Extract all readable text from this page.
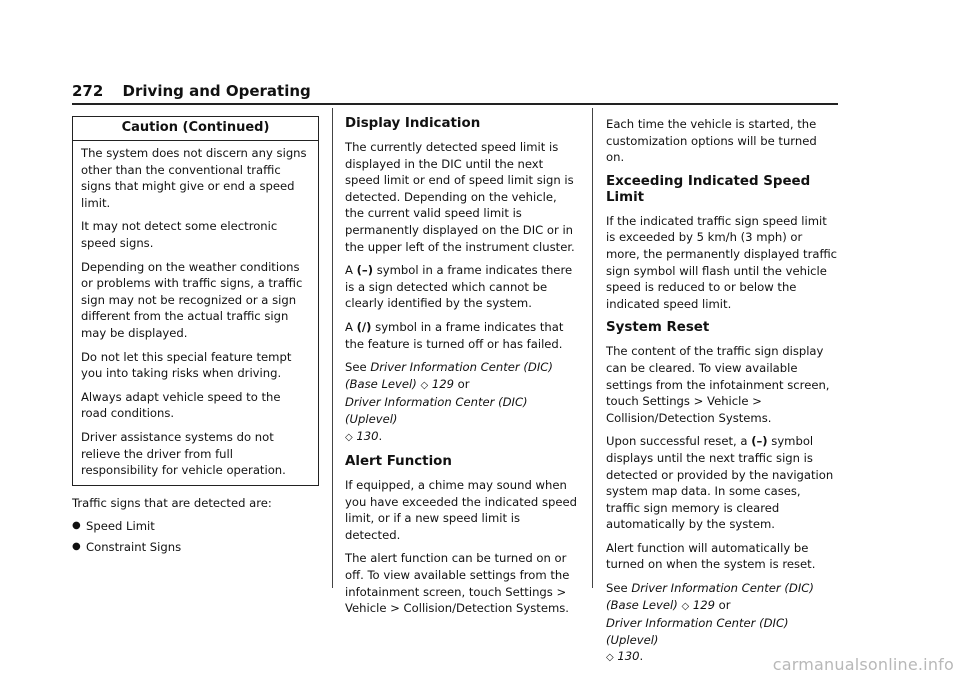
272 Driving and Operating
Caution (Continued)

The system does not discern any signs other than the conventional traffic signs that might give or end a speed limit.

It may not detect some electronic speed signs.

Depending on the weather conditions or problems with traffic signs, a traffic sign may not be recognized or a sign different from the actual traffic sign may be displayed.

Do not let this special feature tempt you into taking risks when driving.

Always adapt vehicle speed to the road conditions.

Driver assistance systems do not relieve the driver from full responsibility for vehicle operation.

Traffic signs that are detected are:

● Speed Limit
● Constraint Signs
Display Indication

The currently detected speed limit is displayed in the DIC until the next speed limit or end of speed limit sign is detected. Depending on the vehicle, the current valid speed limit is permanently displayed on the DIC or in the upper left of the instrument cluster.

A (–) symbol in a frame indicates there is a sign detected which cannot be clearly identified by the system.

A (/) symbol in a frame indicates that the feature is turned off or has failed.

See Driver Information Center (DIC) (Base Level) ◇ 129 or
Driver Information Center (DIC) (Uplevel)
◇ 130.

Alert Function

If equipped, a chime may sound when you have exceeded the indicated speed limit, or if a new speed limit is detected.

The alert function can be turned on or off. To view available settings from the infotainment screen, touch Settings > Vehicle > Collision/Detection Systems.

Each time the vehicle is started, the customization options will be turned on.

Exceeding Indicated Speed Limit

If the indicated traffic sign speed limit is exceeded by 5 km/h (3 mph) or more, the permanently displayed traffic sign symbol will flash until the vehicle speed is reduced to or below the indicated speed limit.

System Reset

The content of the traffic sign display can be cleared. To view available settings from the infotainment screen, touch Settings > Vehicle > Collision/Detection Systems.

Upon successful reset, a (–) symbol displays until the next traffic sign is detected or provided by the navigation system map data. In some cases, traffic sign memory is cleared automatically by the system.

Alert function will automatically be turned on when the system is reset.

See Driver Information Center (DIC) (Base Level) ◇ 129 or
Driver Information Center (DIC) (Uplevel)
◇ 130.	carmanualsonline.info
